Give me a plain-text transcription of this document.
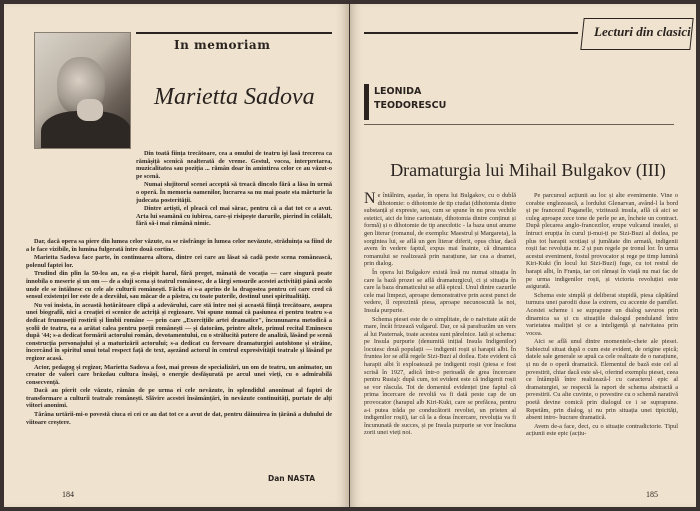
In memoriam
Marietta Sadova

Din toată ființa trecătoare, cea a omului de teatru işi lasă trecerea ca rămăşiță scenică nealterată de vreme. Gestul, vocea, interpretarea, muzicalitatea sau poziția ... rămân doar în amintirea celor ce au văzut-o pe scenă.

Numai slujitorul scenei acceptă să treacă dincolo fără a lăsa în urmă o operă. În memoria oamenilor, lucrarea sa nu mai poate sta mărturie la judecata posterității.

Dintre artiști, el pleacă cel mai sărac, pentru că a dat tot ce a avut. Arta lui seamănă cu iubirea, care-și risipește darurile, pierind în celălalt, fără să-i mai rămână nimic.

Dar, dacă opera sa piere din lumea celor văzute, ea se răsfrânge în lumea celor nevăzute, străduința sa fiind de a le face vizibile, în lumina fulgerată între două cortine.

Marietta Sadova face parte, în continuarea altora, dintre cei care au lăsat să cadă peste scena românească, polenul faptei lor.

Trudind din plin la 50-lea an, ea și-a risipit harul, fără preget, mânată de vocația — care singură poate înnobila o meserie și un om — de a sluji scena și teatrul românesc, de a lărgi sensurile acestei activități până acolo unde ele se întâlnesc cu cele ale culturii românești. Făclia ei s-a aprins de la dragostea pentru cei care cred că sensul existenței lor este de a dezvălui, sau măcar de a păstra, cu toate puterile, destinul unei spiritualități.

Nu voi insista, în această hotărâtoare clipă a adevărului, care stă între noi și această ființă trecătoare, asupra unei biografii, nici a creației ei scenice de actriță și regizoare. Voi spune numai că pasiunea ei pentru teatru s-a dedicat frumuseții rostirii și limbii române — prin care „Exercițiile artei dramatice", încununarea metodică a școlii de teatru, ea a arătat calea pentru poeții românești — și datorăm, printre altele, primul recital Eminescu după '44; s-a dedicat formării actorului român, devotamentului, cu o strălucită putere de analiză, lăsând pe scenă construcția personajului și a maturizării actorului; s-a dedicat cu fervoare dramaturgiei autohtone și străine, încercând în spiritul unui total respect față de text, așezând actorul în centrul expresivității teatrale și lăsând pe regizor acasă.

Actor, pedagog și regizor, Marietta Sadova a fost, mai presus de specializări, un om de teatru, un animator, un creator de valori care brăzdau cultura însăși, o energie desfășurată pe arcul unei vieți, cu o admirabilă consecvență.

Dacă au pierit cele văzute, rămân de pe urma ei cele nevăzute, în splendidul anonimat al faptei de transformare a culturii teatrale românești. Slăvire acestei însămânțări, în nevăzute continuități, purtate de alți viitori anonimi.

Tărâna urtării-mi-o povestă ciuca ei cei ce au dat tot ce a avut de dat, pentru dăinuirea în țărână a duhului de viitoare creștere.

Dan NASTA
184
Lecturi din clasici
LEONIDA
TEODORESCU
Dramaturgia lui Mihail Bulgakov (III)

Ne întâlnim, așadar, în opera lui Bulgakov, cu o dublă dihotomie: o dihotomie de tip ciudat (dihotomia dintre substanță și expresie, sau, cum se spune în nu prea vechile estetici, aici de bine cartoniate, dihotomia dintre conținut și formă) și o dihotomie de tip anecdotic - la baza unui anume gen literar (romanul, de exemplu: Maestrul și Margareta), la sorgintea lui, se află un gen literar diferit, opus chiar, dacă avem în vedere faptul, expus mai înainte, că dinamica romanului se realizează prin narațiune, iar cea a dramei, prin dialog.

În opera lui Bulgakov există însă nu numai situația în care la bază prozei se află dramaturgicul, ci și situația în care la baza dramaticului se află epicul. Unul dintre cazurile cele mai limpezi, aproape demonstrative prin acest punct de vedere, îl reprezintă piesa, aproape necunoscută la noi, Insula purpurie.

Schema piesei este de o simplitate, de o naivitate atât de mare, încât frizează vulgarul. Dar, ce să parafrazăm un vers al lui Pasternak, toate acestea sunt părelnice. Iată și schema: pe Insula purpurie (denumită inițial Insula Indigenilor) locuiesc două populații — indigenii roșii și harapii albi. În fruntea lor se află regele Sizi-Buzi al doilea. Este evident că harapii albi îi exploatează pe indigenii roșii (piesa e fost scrisă în 1927, adică într-o perioadă de grea încercare pentru Rusia): după cum, tot evident este că indigenii roșii se vor răscula. Tot de domeniul evidenței ține faptul că prima încercare de revoltă va fi dată peste cap de un provocator (harapul alb Kiri-Kuki, care se prefăcea, pentru a-i putea trăda pe conducătorii revoltei, un prieten al indigenilor roșii), iar că la a doua încercare, revoluția va fi încununată de succes, și pe Insula purpurie se vor înscăuna zorii unei vieți noi.

Pe parcursul acțiunii au loc și alte evenimente. Vine o corabie englezească, a lordului Glenarvan, având-l la bord și pe francezul Paganelle, vizitează insula, află că aici se culeg aproape zece tone de perle pe an, încheie un contract. După plecarea anglo-francezilor, erupe vulcanul insulei, și întruct erupția în curul ți-mui-ți pe Sizi-Buzi al doilea, pe plus tot harapii scoțiași și jumătate din armată, indigenii roșii fac revoluția nr. 2 și pun regele pe tronul lor. În urma acestui eveniment, fostul provocator și rege pe timp lumină Kiri-Kuki (în locul lui Sizi-Buzi) fuge, cu tot restul de harapi albi, în Franța, iar cei rămași în viață nu mai fac de pe urma indigenilor roșii, și victoria revoluției este asigurată.

Schema este simplă și deliberat stupidă, piesa căpătând turnura unei parodii duse la extrem, cu accente de pamflet. Acestei scheme i se suprapune un dialog savuros prin dinamica sa și cu situațiile dialogul penduland între varietatea maliției și ce a inteligență și naivitatea prin vocea.

Aici se află unul dintre momentele-cheie ale piesei. Subiectul situat după o cum este evident, de origine epică; datele sale generale se apuă ca cele realizate de o narațiune, și nu de o operă dramatică. Elementul de bază este cel al povestirii, chiar dacă este să-i, oferind exemplu piesei, ceea ce întâmplă între realizează-l cu caracterul epic al dramaturgiei, se respectă la raport de schema abstractă a povestirii. Cu alte cuvinte, o povestire cu o schemă narativă poetă devine comică prin dialogul ce i se suprapune. Repetăm, prin dialog, și nu prin situația unei tipicități, absent intro- hucrare dramatică.

Avem de-a face, deci, cu o situație contradictorie. Tipul acțiunii este epic (acțiu-

185
